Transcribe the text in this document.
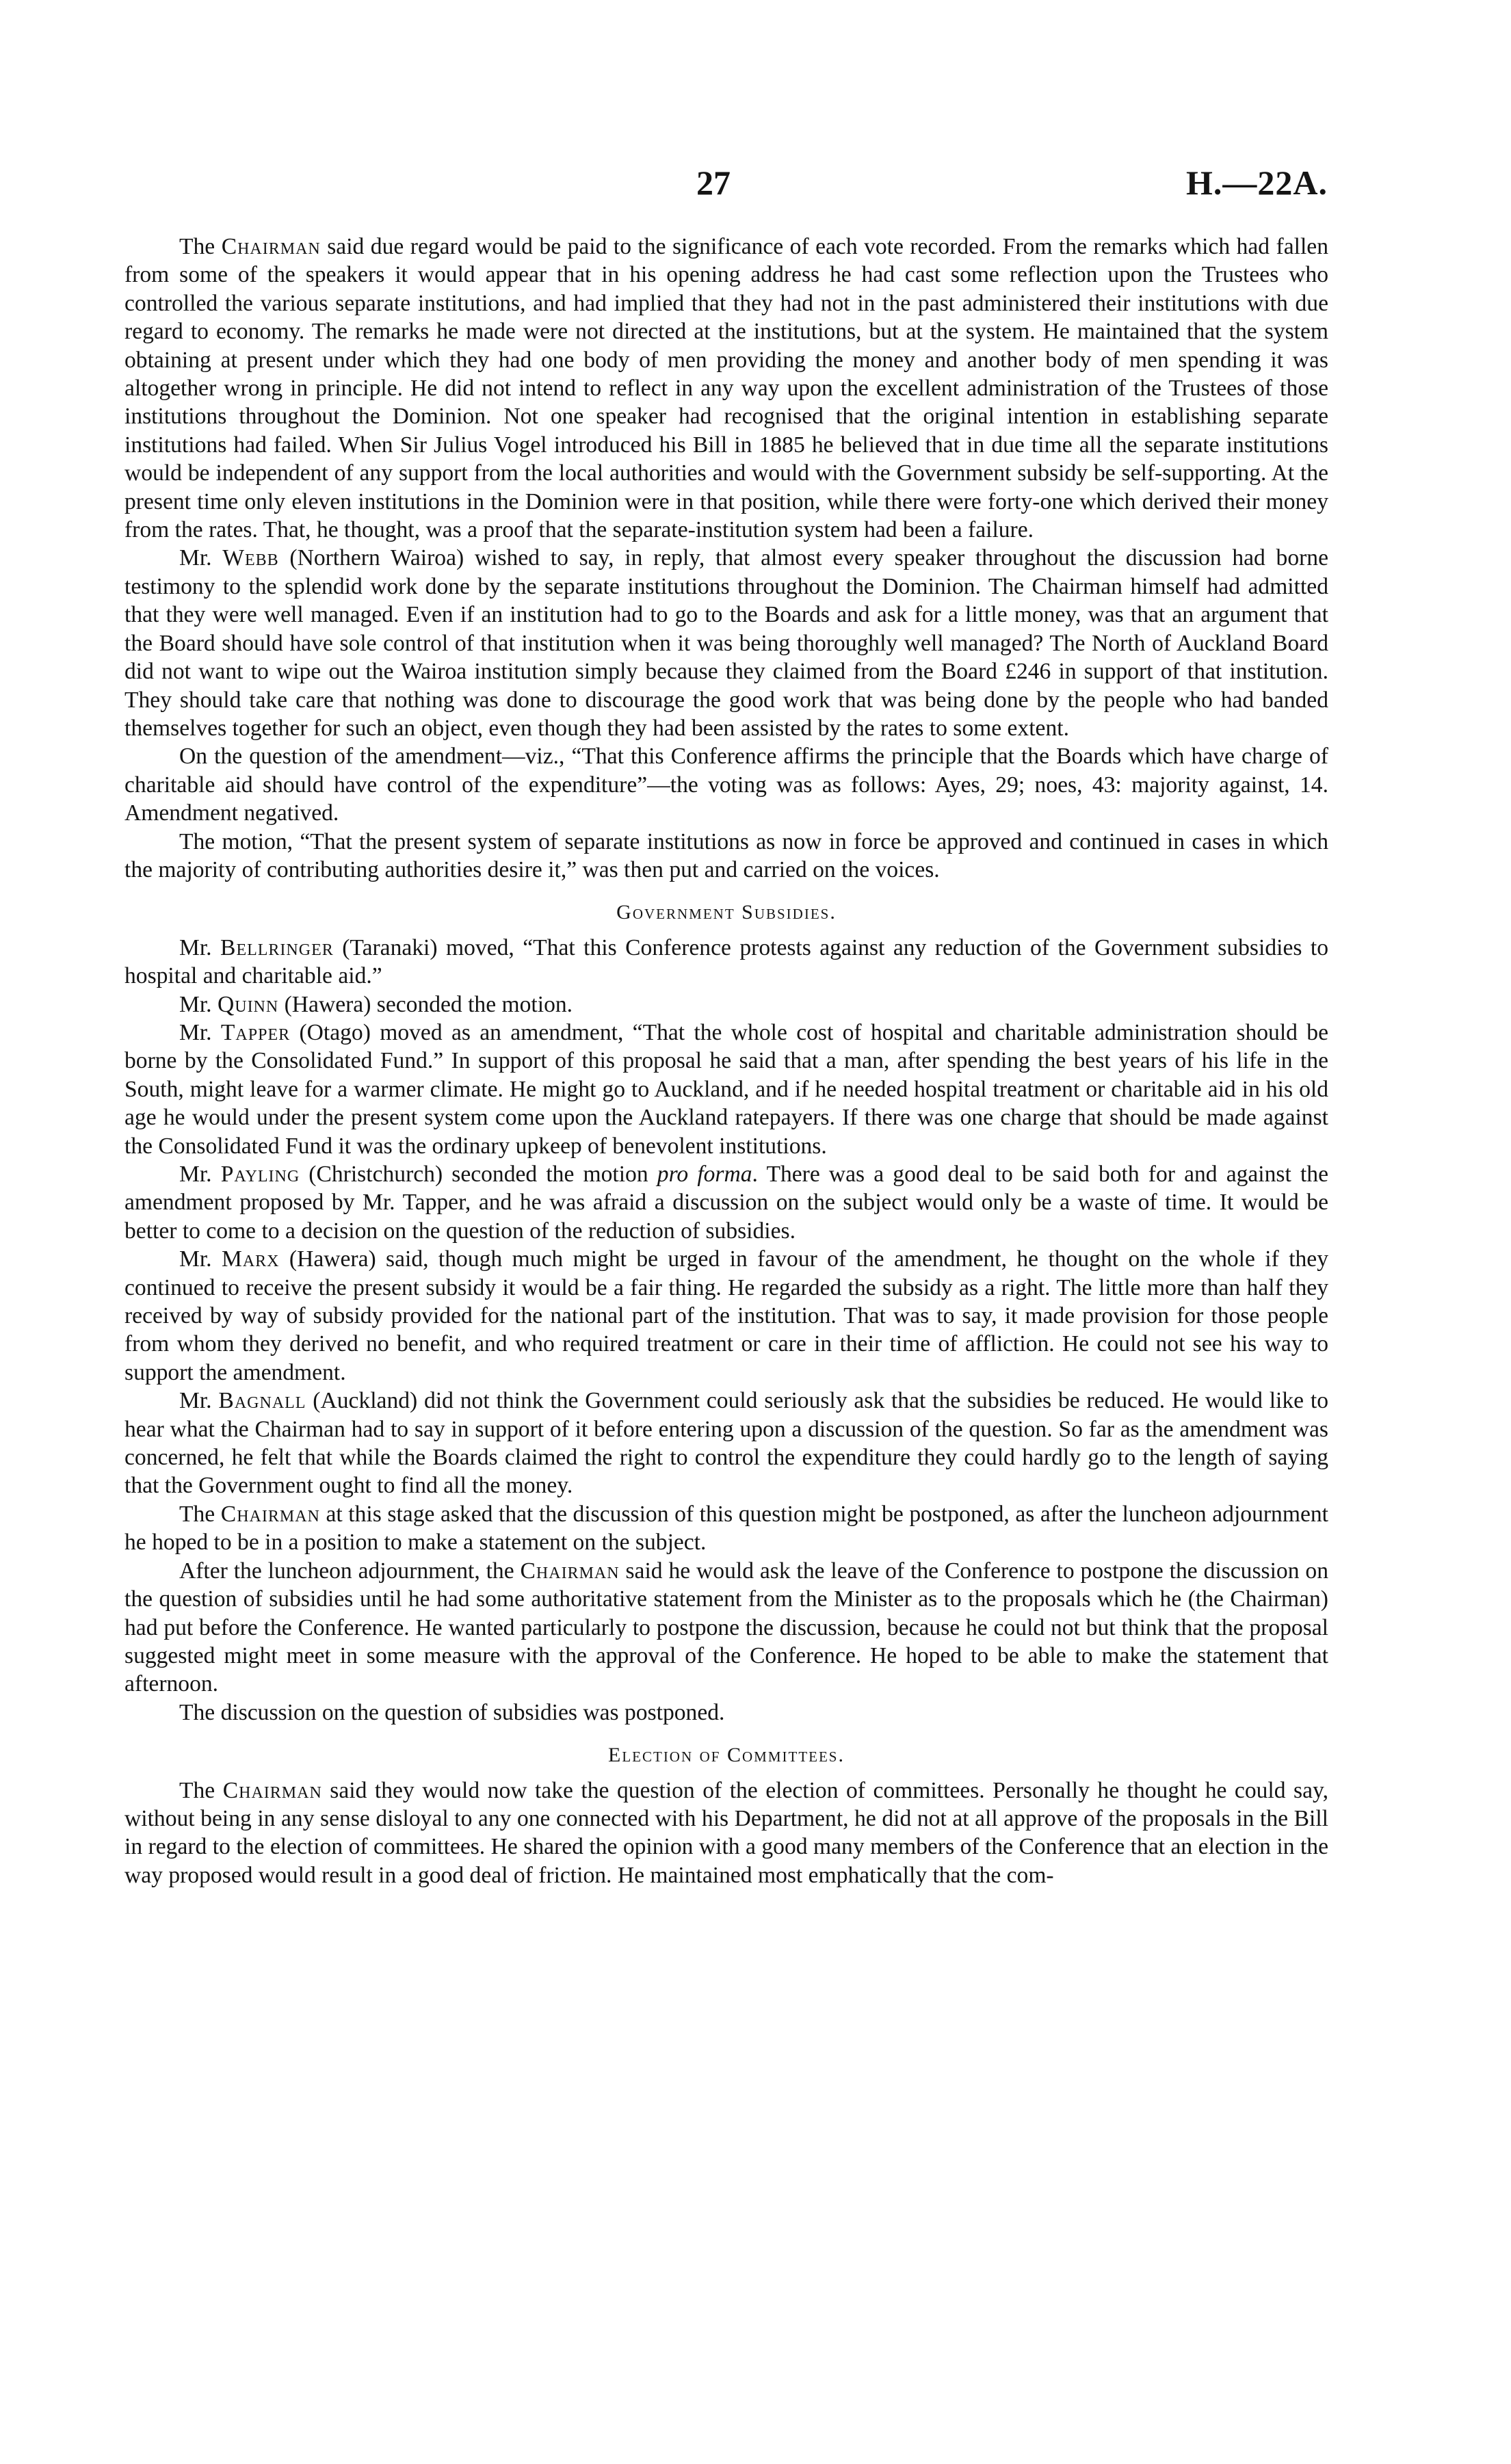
27	H.—22A.

The Chairman said due regard would be paid to the significance of each vote recorded. From the remarks which had fallen from some of the speakers it would appear that in his opening address he had cast some reflection upon the Trustees who controlled the various separate institutions, and had implied that they had not in the past administered their institutions with due regard to economy. The remarks he made were not directed at the institutions, but at the system. He maintained that the system obtaining at present under which they had one body of men providing the money and another body of men spending it was altogether wrong in principle. He did not intend to reflect in any way upon the excellent administration of the Trustees of those institutions throughout the Dominion. Not one speaker had recognised that the original intention in establishing separate institutions had failed. When Sir Julius Vogel introduced his Bill in 1885 he believed that in due time all the separate institutions would be independent of any support from the local authorities and would with the Government subsidy be self-supporting. At the present time only eleven institutions in the Dominion were in that position, while there were forty-one which derived their money from the rates. That, he thought, was a proof that the separate-institution system had been a failure.

Mr. Webb (Northern Wairoa) wished to say, in reply, that almost every speaker throughout the discussion had borne testimony to the splendid work done by the separate institutions throughout the Dominion. The Chairman himself had admitted that they were well managed. Even if an institution had to go to the Boards and ask for a little money, was that an argument that the Board should have sole control of that institution when it was being thoroughly well managed? The North of Auckland Board did not want to wipe out the Wairoa institution simply because they claimed from the Board £246 in support of that institution. They should take care that nothing was done to discourage the good work that was being done by the people who had banded themselves together for such an object, even though they had been assisted by the rates to some extent.

On the question of the amendment—viz., “That this Conference affirms the principle that the Boards which have charge of charitable aid should have control of the expenditure”—the voting was as follows: Ayes, 29; noes, 43: majority against, 14. Amendment negatived.

The motion, “That the present system of separate institutions as now in force be approved and continued in cases in which the majority of contributing authorities desire it,” was then put and carried on the voices.

Government Subsidies.

Mr. Bellringer (Taranaki) moved, “That this Conference protests against any reduction of the Government subsidies to hospital and charitable aid.”

Mr. Quinn (Hawera) seconded the motion.

Mr. Tapper (Otago) moved as an amendment, “That the whole cost of hospital and charitable administration should be borne by the Consolidated Fund.” In support of this proposal he said that a man, after spending the best years of his life in the South, might leave for a warmer climate. He might go to Auckland, and if he needed hospital treatment or charitable aid in his old age he would under the present system come upon the Auckland ratepayers. If there was one charge that should be made against the Consolidated Fund it was the ordinary upkeep of benevolent institutions.

Mr. Payling (Christchurch) seconded the motion pro forma. There was a good deal to be said both for and against the amendment proposed by Mr. Tapper, and he was afraid a discussion on the subject would only be a waste of time. It would be better to come to a decision on the question of the reduction of subsidies.

Mr. Marx (Hawera) said, though much might be urged in favour of the amendment, he thought on the whole if they continued to receive the present subsidy it would be a fair thing. He regarded the subsidy as a right. The little more than half they received by way of subsidy provided for the national part of the institution. That was to say, it made provision for those people from whom they derived no benefit, and who required treatment or care in their time of affliction. He could not see his way to support the amendment.

Mr. Bagnall (Auckland) did not think the Government could seriously ask that the subsidies be reduced. He would like to hear what the Chairman had to say in support of it before entering upon a discussion of the question. So far as the amendment was concerned, he felt that while the Boards claimed the right to control the expenditure they could hardly go to the length of saying that the Government ought to find all the money.

The Chairman at this stage asked that the discussion of this question might be postponed, as after the luncheon adjournment he hoped to be in a position to make a statement on the subject.

After the luncheon adjournment, the Chairman said he would ask the leave of the Conference to postpone the discussion on the question of subsidies until he had some authoritative statement from the Minister as to the proposals which he (the Chairman) had put before the Conference. He wanted particularly to postpone the discussion, because he could not but think that the proposal suggested might meet in some measure with the approval of the Conference. He hoped to be able to make the statement that afternoon.

The discussion on the question of subsidies was postponed.

Election of Committees.

The Chairman said they would now take the question of the election of committees. Personally he thought he could say, without being in any sense disloyal to any one connected with his Department, he did not at all approve of the proposals in the Bill in regard to the election of committees. He shared the opinion with a good many members of the Conference that an election in the way proposed would result in a good deal of friction. He maintained most emphatically that the com-
